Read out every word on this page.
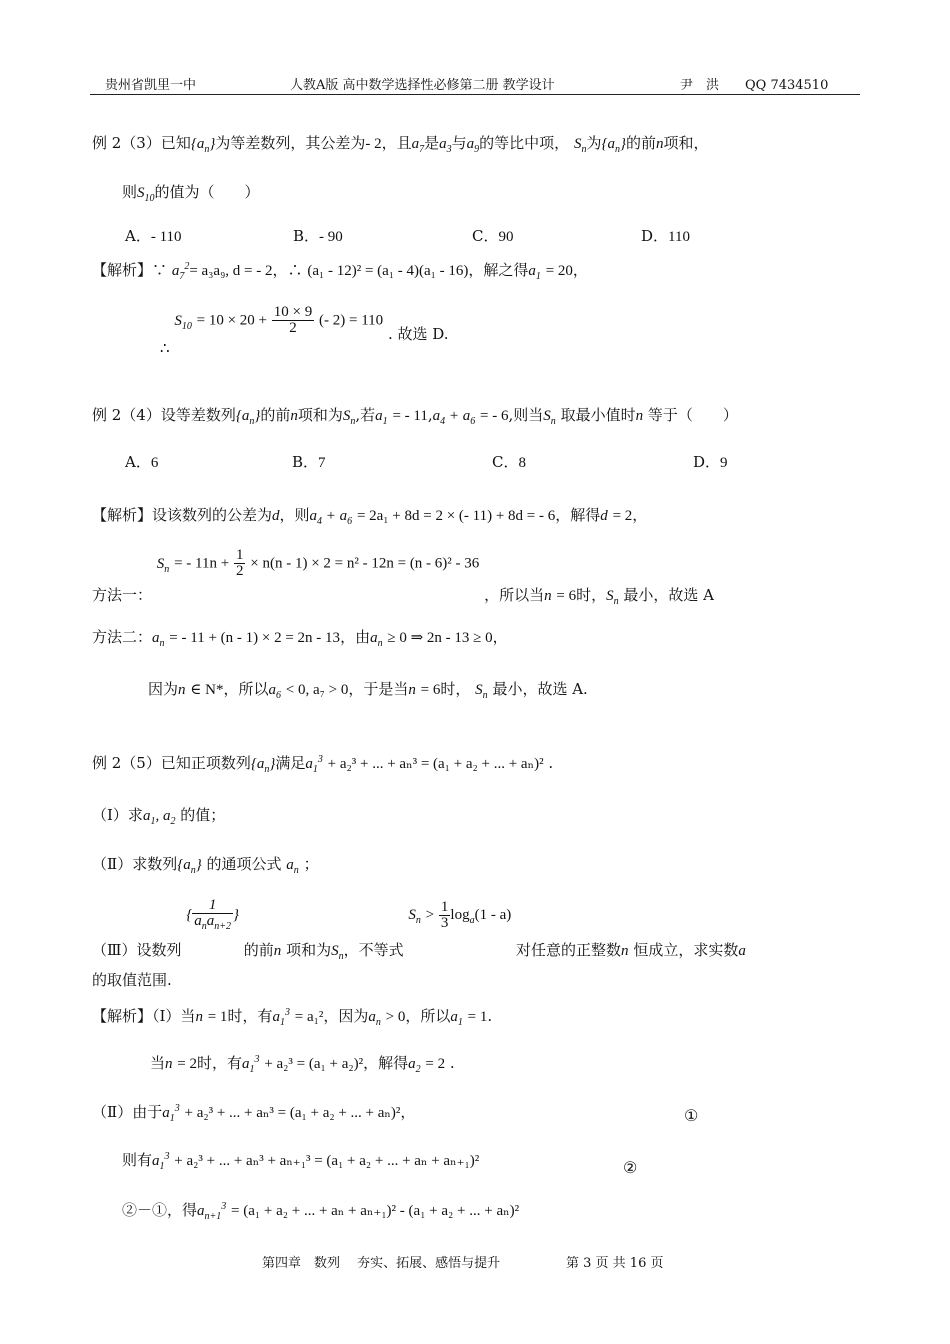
贵州省凯里一中	人教A版 高中数学选择性必修第二册 教学设计	尹　洪　　QQ 7434510
例 2（3）已知$\{a_n\}$为等差数列，其公差为- 2，且$a_7$是$a_3$与$a_9$的等比中项， $S_n$为$\{a_n\}$的前n项和，
则$S_{10}$的值为（　　）
A．- 110	B．- 90	C．90	D．110
【解析】∵ $a_7^2= a_3a_9$, d = - 2，∴ (a₁ - 12)² = (a₁ - 4)(a₁ - 16)，解之得$a_1 = 20$，
∴ $S_{10} = 10 \times 20 + \frac{10 \times 9}{2}$ (- 2) = 110 . 故选 D.
例 2（4）设等差数列$\{a_n\}$的前n项和为$S_n$,若$a_1$ = - $11,a_4 + a_6$ = - 6,则当$S_n$ 取最小值时n 等于（　　）
A．6	B．7	C．8	D．9
【解析】设该数列的公差为d，则$a_4 + a_6 = 2a_1 + 8d = 2$ × (- 11) + 8d = - 6，解得d = 2，
方法一： $S_n$ = - $11n + \frac{1}{2} \times n(n - 1) \times 2 = n^2 - 12n = (n - 6)^2 - 36$ ，所以当n = 6时，$S_n$ 最小，故选 A
方法二：$a_n$ = - 11 + (n - 1) × 2 = 2n - 13，由$a_n \ge 0$ ⇒ 2n - 13 ≥ 0，
因为n ∈ N*，所以$a_6 < 0$, a₇ > 0，于是当n = 6时， $S_n$ 最小，故选 A.
例 2（5）已知正项数列$\{a_n\}$满足$a_1^3 + a_2^3$ + ... + aₙ³ = (a₁ + a₂ + ... + aₙ)² .
（Ⅰ）求$a_1$, $a_2$ 的值；
（Ⅱ）求数列$\{a_n\}$ 的通项公式 $a_n$ ；
（Ⅲ）设数列 { $\frac{1}{a_na_{n+2}}$ } 的前n 项和为$S_n$，不等式 $S_n > \frac{1}{3} \log_a(1 - a)$ 对任意的正整数n 恒成立，求实数a
的取值范围.
【解析】（Ⅰ）当n = 1时，有$a_1^3 = a_1^2$，因为$a_n > 0$，所以$a_1 = 1$.
当n = 2时，有$a_1^3 + a_2^3 = (a_1 + a_2)^2$，解得$a_2 = 2$ .
（Ⅱ）由于$a_1^3 + a_2^3$ + ... + aₙ³ = (a₁ + a₂ + ... + aₙ)²，	①
则有$a_1^3 + a_2^3$ + ... + aₙ³ + aₙ₊₁³ = (a₁ + a₂ + ... + aₙ + aₙ₊₁)²	②
②－①，得$a_{n+1}^3 = (a_1 + a_2$ + ... + aₙ + aₙ₊₁)² - (a₁ + a₂ + ... + aₙ)²
第四章　数列　 夯实、拓展、感悟与提升	第 3 页 共 16 页
